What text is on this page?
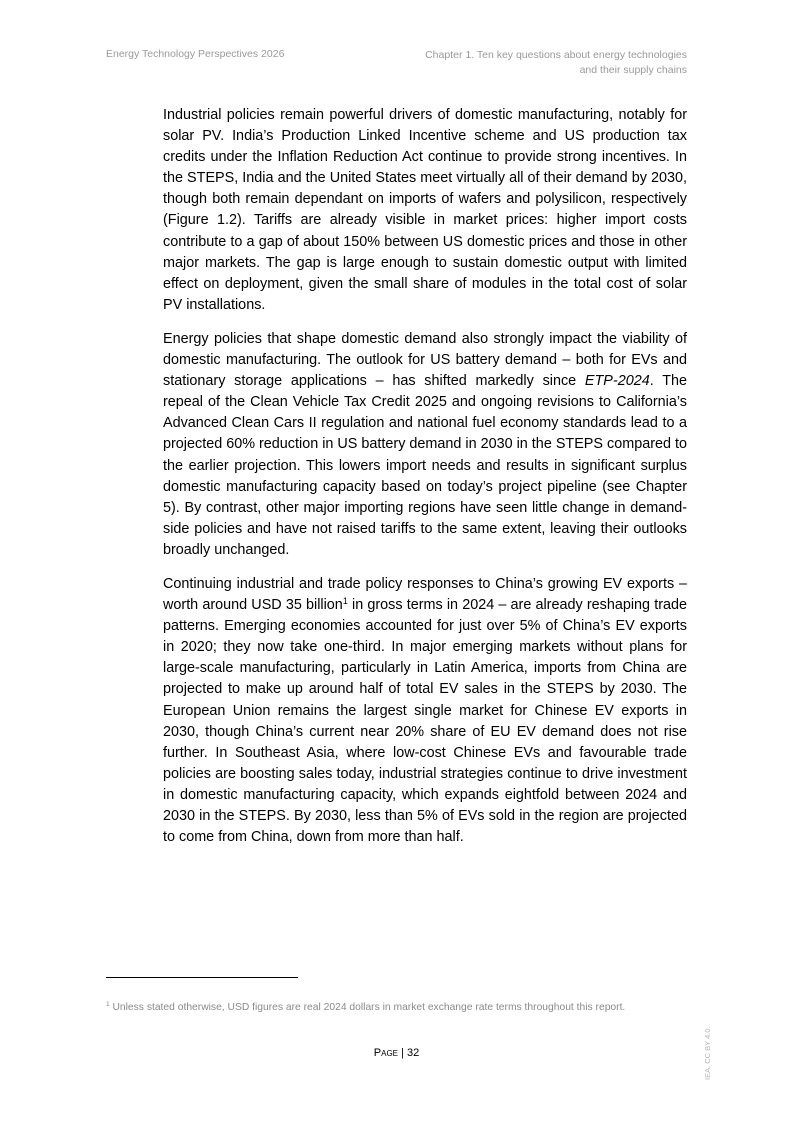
Energy Technology Perspectives 2026	Chapter 1. Ten key questions about energy technologies
and their supply chains

Industrial policies remain powerful drivers of domestic manufacturing, notably for solar PV. India’s Production Linked Incentive scheme and US production tax credits under the Inflation Reduction Act continue to provide strong incentives. In the STEPS, India and the United States meet virtually all of their demand by 2030, though both remain dependant on imports of wafers and polysilicon, respectively (Figure 1.2). Tariffs are already visible in market prices: higher import costs contribute to a gap of about 150% between US domestic prices and those in other major markets. The gap is large enough to sustain domestic output with limited effect on deployment, given the small share of modules in the total cost of solar PV installations.

Energy policies that shape domestic demand also strongly impact the viability of domestic manufacturing. The outlook for US battery demand – both for EVs and stationary storage applications – has shifted markedly since ETP-2024. The repeal of the Clean Vehicle Tax Credit 2025 and ongoing revisions to California’s Advanced Clean Cars II regulation and national fuel economy standards lead to a projected 60% reduction in US battery demand in 2030 in the STEPS compared to the earlier projection. This lowers import needs and results in significant surplus domestic manufacturing capacity based on today’s project pipeline (see Chapter 5). By contrast, other major importing regions have seen little change in demand-side policies and have not raised tariffs to the same extent, leaving their outlooks broadly unchanged.

Continuing industrial and trade policy responses to China’s growing EV exports – worth around USD 35 billion$^1$ in gross terms in 2024 – are already reshaping trade patterns. Emerging economies accounted for just over 5% of China’s EV exports in 2020; they now take one-third. In major emerging markets without plans for large-scale manufacturing, particularly in Latin America, imports from China are projected to make up around half of total EV sales in the STEPS by 2030. The European Union remains the largest single market for Chinese EV exports in 2030, though China’s current near 20% share of EU EV demand does not rise further. In Southeast Asia, where low-cost Chinese EVs and favourable trade policies are boosting sales today, industrial strategies continue to drive investment in domestic manufacturing capacity, which expands eightfold between 2024 and 2030 in the STEPS. By 2030, less than 5% of EVs sold in the region are projected to come from China, down from more than half.

$^1$ Unless stated otherwise, USD figures are real 2024 dollars in market exchange rate terms throughout this report.
Page | 32	IEA. CC BY 4.0.
